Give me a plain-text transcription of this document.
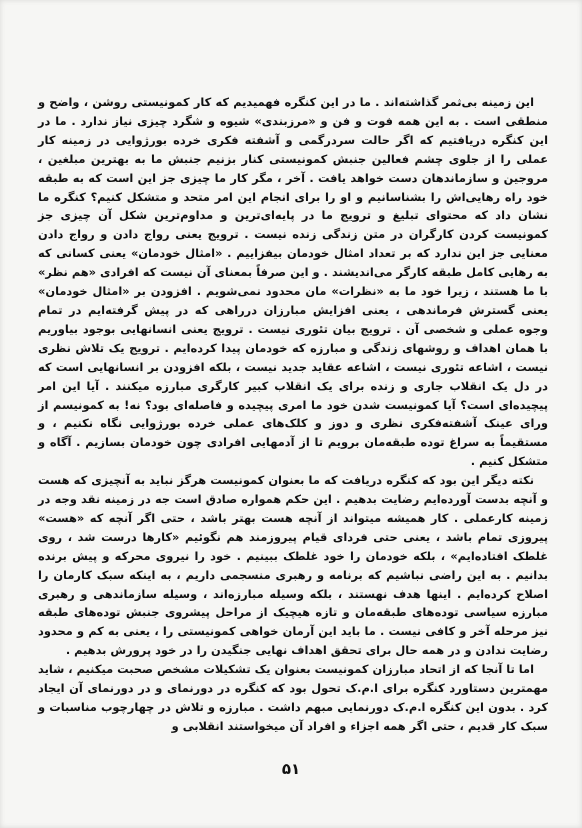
این زمینه بی‌ثمر گذاشته‌اند . ما در این کنگره فهمیدیم که کار کمونیستی روشن ، واضح و منطقی است . به این همه فوت و فن و «مرزبندی» شیوه و شگرد چیزی نیاز ندارد . ما در این کنگره دریافتیم که اگر حالت سردرگمی و آشفته فکری خرده بورژوایی در زمینه کار عملی را از جلوی چشم فعالین جنبش کمونیستی کنار بزنیم جنبش ما به بهترین مبلغین ، مروجین و سازماندهان دست خواهد یافت . آخر ، مگر کار ما چیزی جز این است که به طبقه خود راه رهایی‌اش را بشناسانیم و او را برای انجام این امر متحد و متشکل کنیم؟ کنگره ما نشان داد که محتوای تبلیغ و ترویج ما در پایه‌ای‌ترین و مداوم‌ترین شکل آن چیزی جز کمونیست کردن کارگران در متن زندگی زنده نیست . ترویج یعنی رواج دادن و رواج دادن معنایی جز این ندارد که بر تعداد امثال خودمان بیفزاییم . «امثال خودمان» یعنی کسانی که به رهایی کامل طبقه کارگر می‌اندیشند . و این صرفاً بمعنای آن نیست که افرادی «هم نظر» با ما هستند ، زیرا خود ما به «نظرات» مان محدود نمی‌شویم . افزودن بر «امثال خودمان» یعنی گسترش فرماندهی ، یعنی افزایش مبارزان درراهی که در پیش گرفته‌ایم در تمام وجوه عملی و شخصی آن . ترویج بیان تئوری نیست . ترویج یعنی انسانهایی بوجود بیاوریم با همان اهداف و روشهای زندگی و مبارزه که خودمان پیدا کرده‌ایم . ترویج یک تلاش نظری نیست ، اشاعه تئوری نیست ، اشاعه عقاید جدید نیست ، بلکه افزودن بر انسانهایی است که در دل یک انقلاب جاری و زنده برای یک انقلاب کبیر کارگری مبارزه میکنند . آیا این امر پیچیده‌ای است؟ آیا کمونیست شدن خود ما امری پیچیده و فاصله‌ای بود؟ نه! به کمونیسم از ورای عینک آشفته‌فکری نظری و دوز و کلک‌های عملی خرده بورژوایی نگاه نکنیم ، و مستقیماً به سراغ توده طبقه‌مان برویم تا از آدمهایی افرادی چون خودمان بسازیم . آگاه و متشکل کنیم .

نکته دیگر این بود که کنگره دریافت که ما بعنوان کمونیست هرگز نباید به آنچیزی که هست و آنچه بدست آورده‌ایم رضایت بدهیم . این حکم همواره صادق است جه در زمینه نقد وجه در زمینه کارعملی . کار همیشه میتواند از آنچه هست بهتر باشد ، حتی اگر آنچه که «هست» پیروزی تمام باشد ، یعنی حتی فردای قیام پیروزمند هم نگوئیم «کارها درست شد ، روی غلطک افتاده‌ایم» ، بلکه خودمان را خود غلطک ببینیم . خود را نیروی محرکه و پیش برنده بدانیم . به این راضی نباشیم که برنامه و رهبری منسجمی داریم ، به اینکه سبک کارمان را اصلاح کرده‌ایم . اینها هدف نهستند ، بلکه وسیله مبارزه‌اند ، وسیله سازماندهی و رهبری مبارزه سیاسی توده‌های طبقه‌مان و تازه هیچیک از مراحل پیشروی جنبش توده‌های طبقه نیز مرحله آخر و کافی نیست . ما باید این آرمان خواهی کمونیستی را ، یعنی به کم و محدود رضایت ندادن و در همه حال برای تحقق اهداف نهایی جنگیدن را در خود پرورش بدهیم .

اما تا آنجا که از اتحاد مبارزان کمونیست بعنوان یک تشکیلات مشخص صحبت میکنیم ، شاید مهمترین دستاورد کنگره برای ا.م.ک تحول بود که کنگره در دورنمای و در دورنمای آن ایجاد کرد . بدون این کنگره ا.م.ک دورنمایی مبهم داشت . مبارزه و تلاش در چهارچوب مناسبات و سبک کار قدیم ، حتی اگر همه اجزاء و افراد آن میخواستند انقلابی و

۵۱
